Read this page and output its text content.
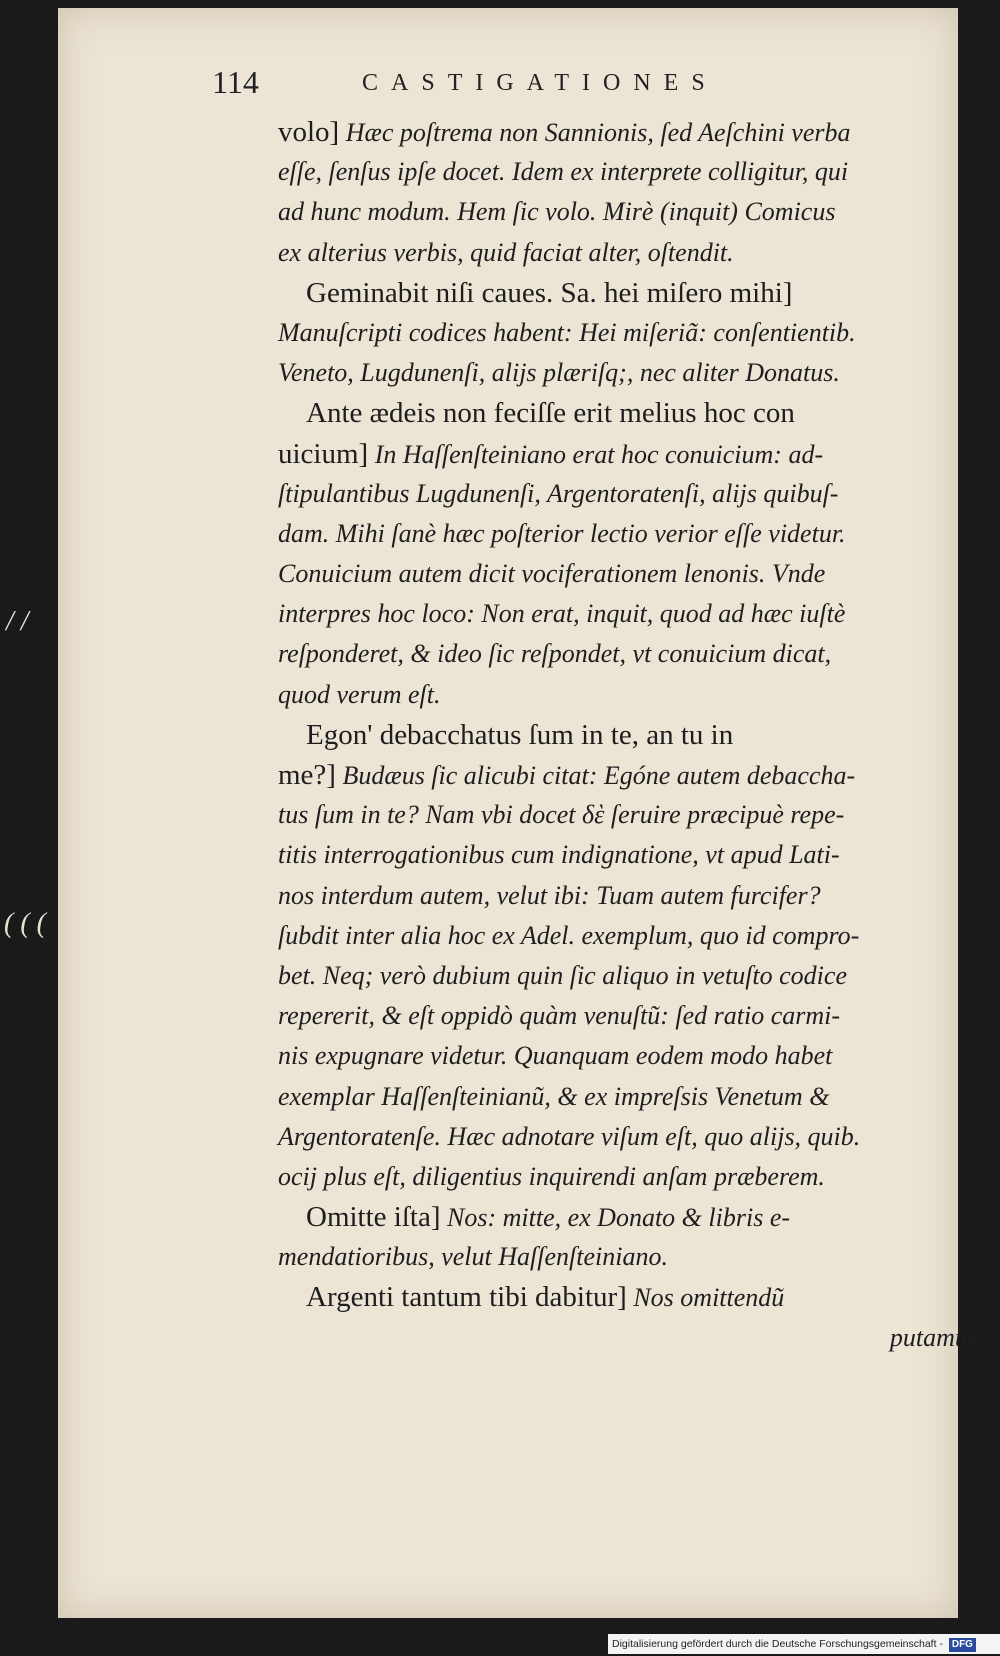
114	CASTIGATIONES
volo] Hæc poſtrema non Sannionis, ſed Aeſchini verba
eſſe, ſenſus ipſe docet. Idem ex interprete colligitur, qui
ad hunc modum. Hem ſic volo. Mirè (inquit) Comicus
ex alterius verbis, quid faciat alter, oſtendit.
Geminabit niſi caues. Sa. hei miſero mihi]
Manuſcripti codices habent: Hei miſeriã: conſentientib.
Veneto, Lugdunenſi, alijs plæriſq;, nec aliter Donatus.
Ante ædeis non feciſſe erit melius hoc con
uicium] In Haſſenſteiniano erat hoc conuicium: ad-
ſtipulantibus Lugdunenſi, Argentoratenſi, alijs quibuſ-
dam. Mihi ſanè hæc poſterior lectio verior eſſe videtur.
Conuicium autem dicit vociferationem lenonis. Vnde
interpres hoc loco: Non erat, inquit, quod ad hæc iuſtè
reſponderet, & ideo ſic reſpondet, vt conuicium dicat,
quod verum eſt.
Egon' debacchatus ſum in te, an tu in
me?] Budæus ſic alicubi citat: Egóne autem debaccha-
tus ſum in te? Nam vbi docet δὲ ſeruire præcipuè repe-
titis interrogationibus cum indignatione, vt apud Lati-
nos interdum autem, velut ibi: Tuam autem furcifer?
ſubdit inter alia hoc ex Adel. exemplum, quo id compro-
bet. Neq; verò dubium quin ſic aliquo in vetuſto codice
repererit, & eſt oppidò quàm venuſtũ: ſed ratio carmi-
nis expugnare videtur. Quanquam eodem modo habet
exemplar Haſſenſteinianũ, & ex impreſsis Venetum &
Argentoratenſe. Hæc adnotare viſum eſt, quo alijs, quib.
ocij plus eſt, diligentius inquirendi anſam præberem.
Omitte iſta] Nos: mitte, ex Donato & libris e-
mendatioribus, velut Haſſenſteiniano.
Argenti tantum tibi dabitur] Nos omittendũ
putamus
/ /
( ( (
Digitalisierung gefördert durch die Deutsche Forschungsgemeinschaft - DFG
